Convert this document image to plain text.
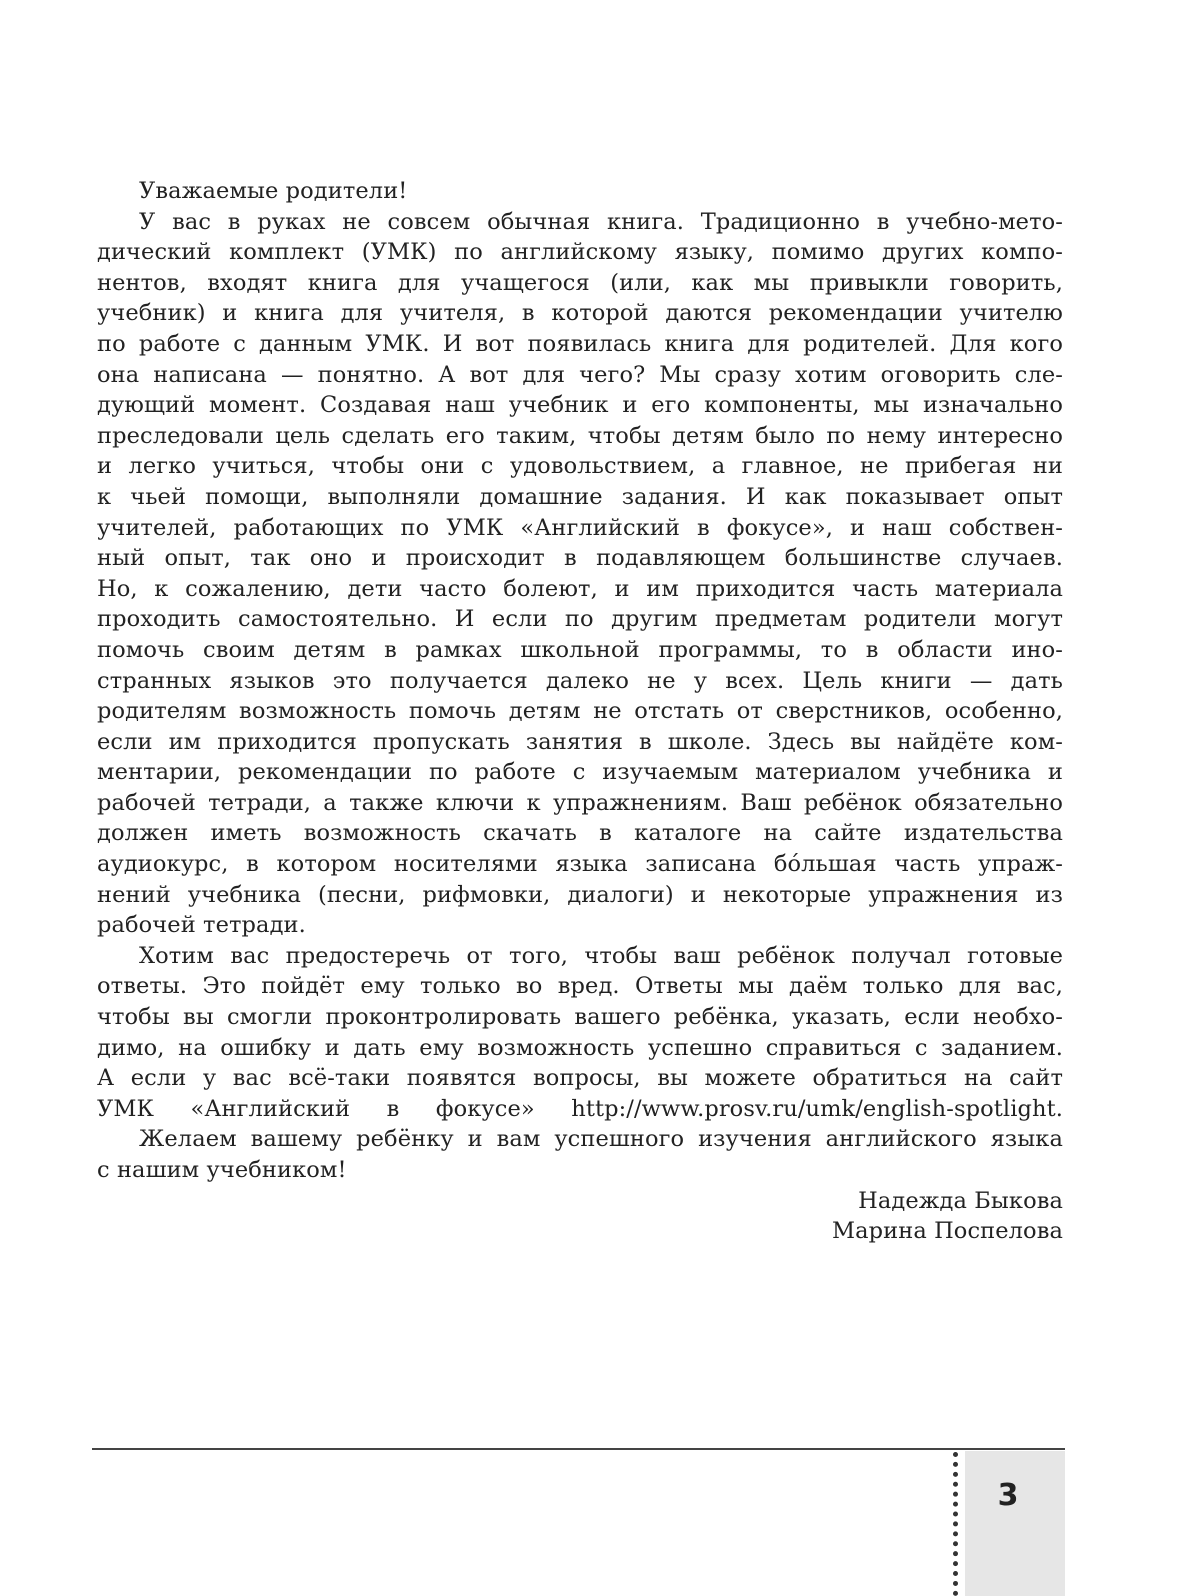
Уважаемые родители!
У вас в руках не совсем обычная книга. Традиционно в учебно-мето-
дический комплект (УМК) по английскому языку, помимо других компо-
нентов, входят книга для учащегося (или, как мы привыкли говорить,
учебник) и книга для учителя, в которой даются рекомендации учителю
по работе с данным УМК. И вот появилась книга для родителей. Для кого
она написана — понятно. А вот для чего? Мы сразу хотим оговорить сле-
дующий момент. Создавая наш учебник и его компоненты, мы изначально
преследовали цель сделать его таким, чтобы детям было по нему интересно
и легко учиться, чтобы они с удовольствием, а главное, не прибегая ни
к чьей помощи, выполняли домашние задания. И как показывает опыт
учителей, работающих по УМК «Английский в фокусе», и наш собствен-
ный опыт, так оно и происходит в подавляющем большинстве случаев.
Но, к сожалению, дети часто болеют, и им приходится часть материала
проходить самостоятельно. И если по другим предметам родители могут
помочь своим детям в рамках школьной программы, то в области ино-
странных языков это получается далеко не у всех. Цель книги — дать
родителям возможность помочь детям не отстать от сверстников, особенно,
если им приходится пропускать занятия в школе. Здесь вы найдёте ком-
ментарии, рекомендации по работе с изучаемым материалом учебника и
рабочей тетради, а также ключи к упражнениям. Ваш ребёнок обязательно
должен иметь возможность скачать в каталоге на сайте издательства
аудиокурс, в котором носителями языка записана бóльшая часть упраж-
нений учебника (песни, рифмовки, диалоги) и некоторые упражнения из
рабочей тетради.
Хотим вас предостеречь от того, чтобы ваш ребёнок получал готовые
ответы. Это пойдёт ему только во вред. Ответы мы даём только для вас,
чтобы вы смогли проконтролировать вашего ребёнка, указать, если необхо-
димо, на ошибку и дать ему возможность успешно справиться с заданием.
А если у вас всё-таки появятся вопросы, вы можете обратиться на сайт
УМК «Английский в фокусе» http://www.prosv.ru/umk/english-spotlight.
Желаем вашему ребёнку и вам успешного изучения английского языка
с нашим учебником!
Надежда Быкова
Марина Поспелова
3
